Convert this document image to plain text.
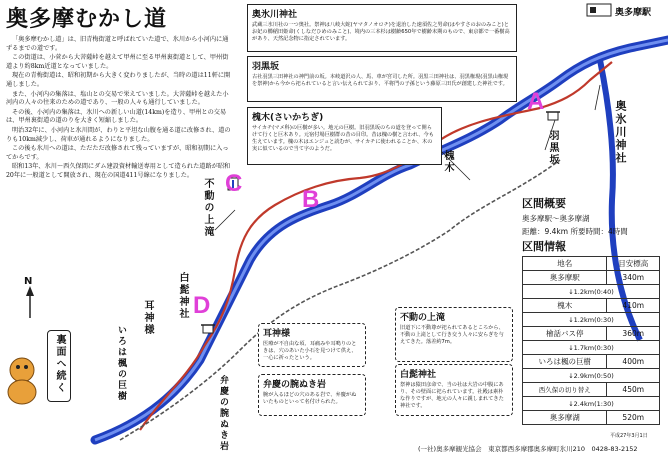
奥多摩むかし道

「奥多摩むかし道」は、旧青梅街道と呼ばれていた道で、氷川から小河内に通ずるまでの道です。

この街道は、小菅から大菩薩峠を越えて甲州に至る甲州裏街道として、甲州街道より約8km近道となっていました。

現在の青梅街道は、昭和初期から大きく変わりましたが、当時の道は11軒に開通しました。

また、小河内の集落は、塩山との交易で栄えていました。大菩薩峠を越えた小河内の人々の往来のための道であり、一般の人々も通行していました。

その後、小河内の集落は、氷川への新しい山道(14km)を造り、甲州との交易は、甲州裏街道の道のりを大きく短縮しました。

明治32年に、小河内と氷川間が、わりと平坦な山腹を通る道に改修され、道のりも10km減少し、荷車が通れるようになりました。

この後も氷川への道は、ただただ改修されて残っていますが、昭和初期に入ってからです。

昭和13年、氷川〜西久保間にダム建設資材輸送専用として造られた道路が昭和20年に一般道として開放され、現在の国道411号線になりました。

A
B
C
D
奥多摩駅
奥氷川神社
羽黒坂
槐木
不動の上滝
白髭神社
耳神様
いろは楓の巨樹
弁慶の腕ぬき岩
N
裏面へ続く
奥氷川神社
武蔵三氷川社の一つ奥社。祭神は八岐大蛇(ヤマタノオロチ)を退治した速須佐之男命(はやすさのおのみこと)とお妃の櫛稲田姫命(くしなだひめのみこと)、境内の三本杉は樹齢650年で樹齢末期のもので、東京都で一番樹高があり、天然記念物に指定されています。
羽黒坂
古社羽黒三田神社の神門前の坂。本岐道沢の人、馬、車が宮司した所。羽黒三田神社は、羽黒権現(羽黒山権現を祭神)から今から祀られていると言い伝えられており、平将門の子孫という藤原三田氏が創建した神社です。
槐木(さいかちぎ)
サイカチ(マメ科)の巨樹が多い。地元の巨樹。旧羽黒坂のちの道を登って開らけて行くと巨木あり。元宿付場巨樹群の昔の目印。昔は槐の樹と言われ、今も生えています。槐の木はエンジュと読むが、サイカチに使われることか、木の実に似ているので当て字のようだ。
耳神様
医療が不自由な頃、耳痛みや耳鳴りのときは、穴のあいた小石を見つけて供え、一心に祈ったという。
弁慶の腕ぬき岩
腕が入るほどの穴のある岩で、弁慶がぬいたものといって名付けられた。
不動の上滝
旧道下に不動尊が祀られてあるところから、不動の上滝として行き交う人々に安らぎを与えてきた。落差約7m。
白髭神社
祭神は猿田彦命で、当の社は大岩の中腹にあり、その壁面に祀られています。社殿は素朴な作りですが、地元の人々に親しまれてきた神社です。
区間概要
奥多摩駅〜奥多摩湖
距離：9.4km 所要時間：4時間
区間情報
地名	目安標高
奥多摩駅	340m
↓1.2km(0:40)	
槐木	410m
↓1.2km(0:30)	
檜話バス停	360m
↓1.7km(0:30)	
いろは楓の巨樹	400m
↓2.9km(0:50)	
西久保の切り替え	450m
↓2.4km(1:30)	
奥多摩湖	520m
(一社)奥多摩観光協会　東京都西多摩郡奥多摩町氷川210　0428-83-2152
平成27年3月1日
